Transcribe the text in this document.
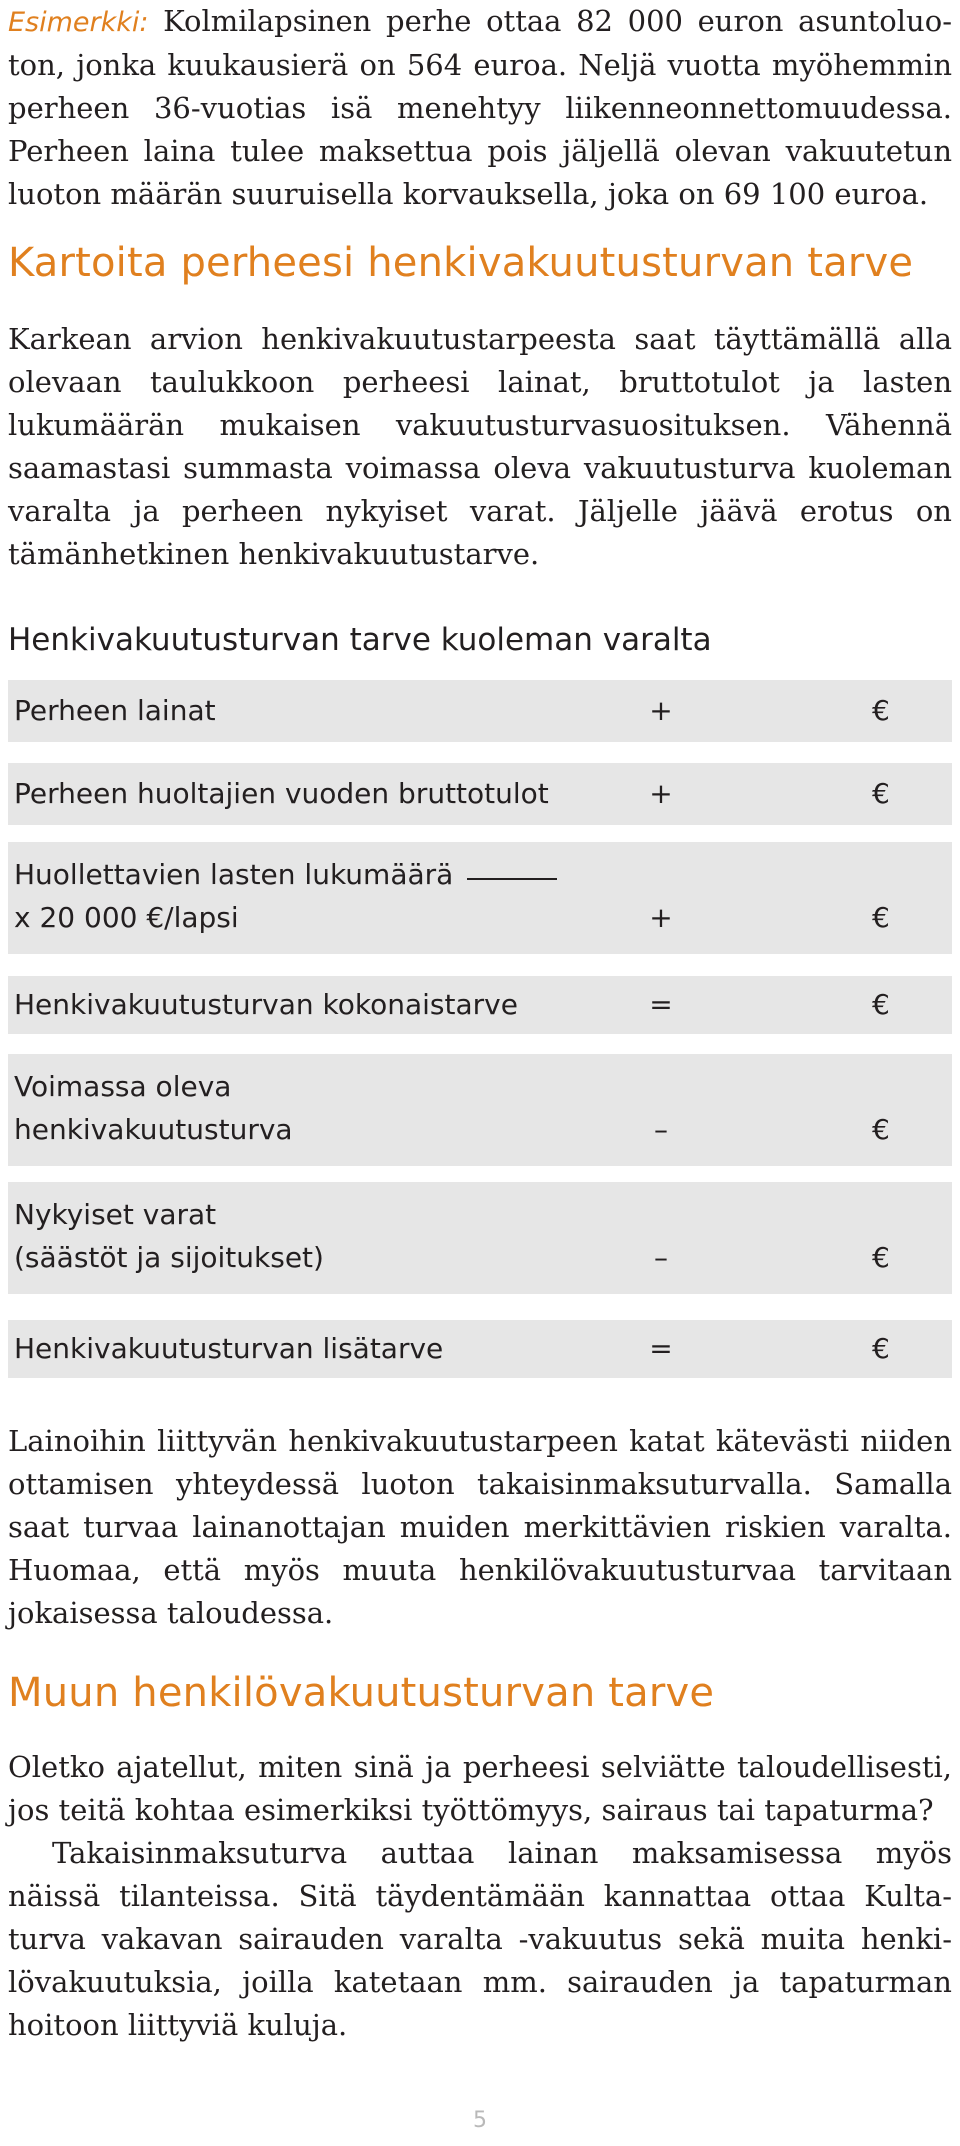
Esimerkki: Kolmilapsinen perhe ottaa 82 000 euron asuntoluoton, jonka kuukausierä on 564 euroa. Neljä vuotta myöhemmin perheen 36-vuotias isä menehtyy liikenneonnettomuudessa. Perheen laina tulee maksettua pois jäljellä olevan vakuutetun luoton määrän suuruisella korvauksella, joka on 69 100 euroa.

Kartoita perheesi henkivakuutusturvan tarve

Karkean arvion henkivakuutustarpeesta saat täyttämällä alla olevaan taulukkoon perheesi lainat, bruttotulot ja lasten lukumäärän mukaisen vakuutusturvasuosituksen. Vähennä saamastasi summasta voimassa oleva vakuutusturva kuoleman varalta ja perheen nykyiset varat. Jäljelle jäävä erotus on tämänhetkinen henkivakuutustarve.

Henkivakuutusturvan tarve kuoleman varalta
Perheen lainat	+	€
Perheen huoltajien vuoden bruttotulot	+	€
Huollettavien lasten lukumäärä
x 20 000 €/lapsi	+	€
Henkivakuutusturvan kokonaistarve	=	€
Voimassa oleva
henkivakuutusturva	–	€
Nykyiset varat
(säästöt ja sijoitukset)	–	€
Henkivakuutusturvan lisätarve	=	€

Lainoihin liittyvän henkivakuutustarpeen katat kätevästi niiden ottamisen yhteydessä luoton takaisinmaksuturvalla. Samalla saat turvaa lainanottajan muiden merkittävien riskien varalta. Huomaa, että myös muuta henkilövakuutusturvaa tarvitaan jokaisessa taloudessa.

Muun henkilövakuutusturvan tarve

Oletko ajatellut, miten sinä ja perheesi selviätte taloudellisesti, jos teitä kohtaa esimerkiksi työttömyys, sairaus tai tapaturma?

Takaisinmaksuturva auttaa lainan maksamisessa myös näissä tilanteissa. Sitä täydentämään kannattaa ottaa Kultaturva vakavan sairauden varalta -vakuutus sekä muita henkilövakuutuksia, joilla katetaan mm. sairauden ja tapaturman hoitoon liittyviä kuluja.

5
